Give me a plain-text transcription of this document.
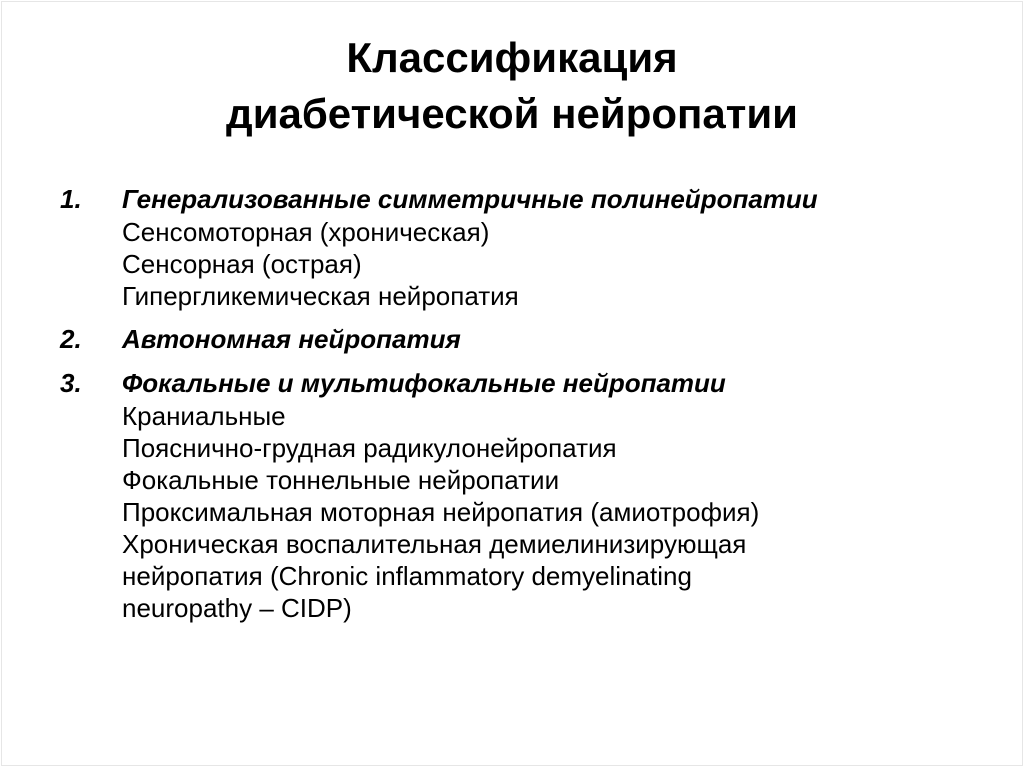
Классификация
диабетической нейропатии
1.	Генерализованные симметричные полинейропатии
Сенсомоторная (хроническая)
Сенсорная (острая)
Гипергликемическая нейропатия
2.	Автономная нейропатия
3.	Фокальные и мультифокальные нейропатии
Краниальные
Пояснично-грудная радикулонейропатия
Фокальные тоннельные нейропатии
Проксимальная моторная нейропатия (амиотрофия)
Хроническая воспалительная демиелинизирующая
нейропатия (Chronic inflammatory demyelinating
neuropathy – CIDP)
